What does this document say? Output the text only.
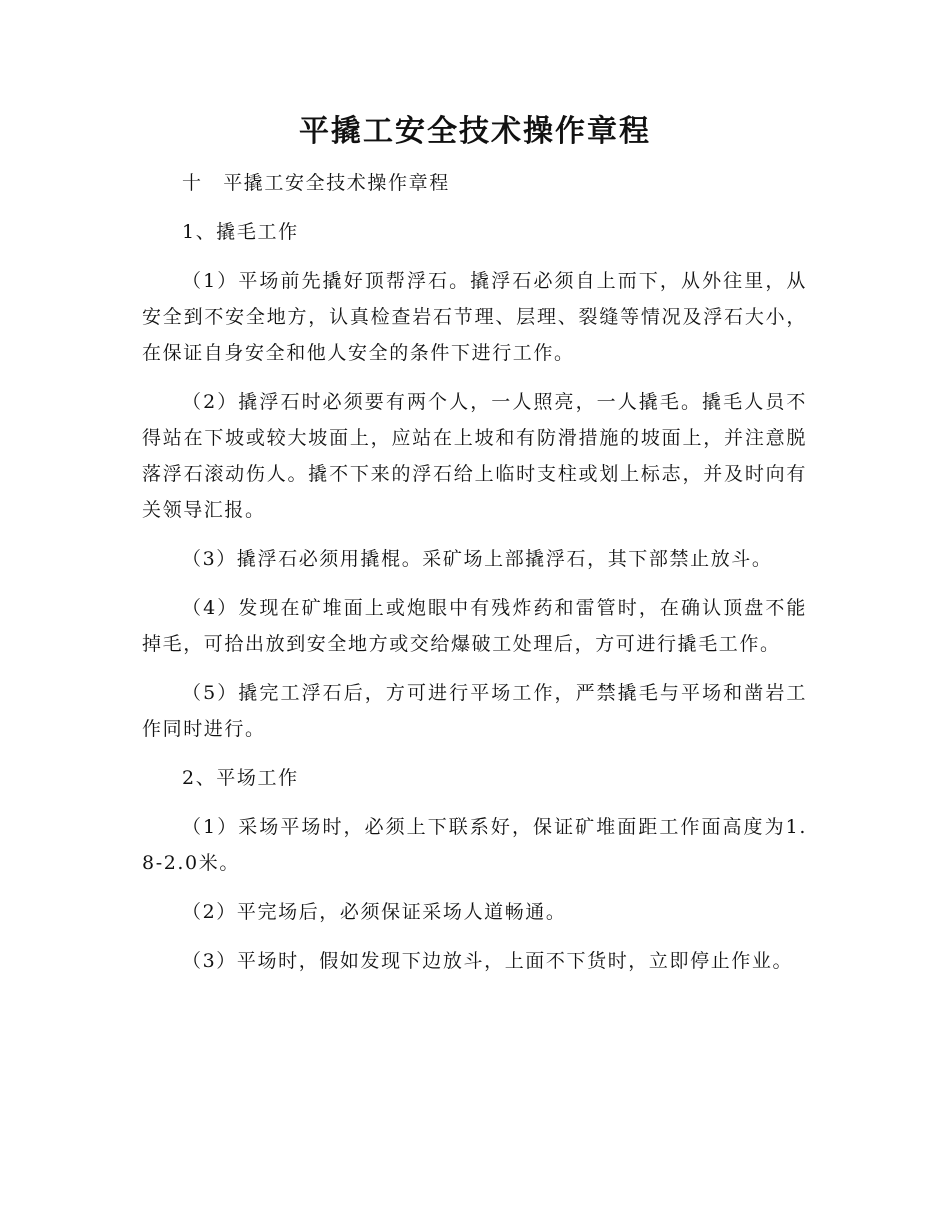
平撬工安全技术操作章程

十　平撬工安全技术操作章程

1、撬毛工作

（1）平场前先撬好顶帮浮石。撬浮石必须自上而下，从外往里，从安全到不安全地方，认真检查岩石节理、层理、裂缝等情况及浮石大小，在保证自身安全和他人安全的条件下进行工作。

（2）撬浮石时必须要有两个人，一人照亮，一人撬毛。撬毛人员不得站在下坡或较大坡面上，应站在上坡和有防滑措施的坡面上，并注意脱落浮石滚动伤人。撬不下来的浮石给上临时支柱或划上标志，并及时向有关领导汇报。

（3）撬浮石必须用撬棍。采矿场上部撬浮石，其下部禁止放斗。

（4）发现在矿堆面上或炮眼中有残炸药和雷管时，在确认顶盘不能掉毛，可拾出放到安全地方或交给爆破工处理后，方可进行撬毛工作。

（5）撬完工浮石后，方可进行平场工作，严禁撬毛与平场和凿岩工作同时进行。

2、平场工作

（1）采场平场时，必须上下联系好，保证矿堆面距工作面高度为1.8-2.0米。

（2）平完场后，必须保证采场人道畅通。

（3）平场时，假如发现下边放斗，上面不下货时，立即停止作业。
